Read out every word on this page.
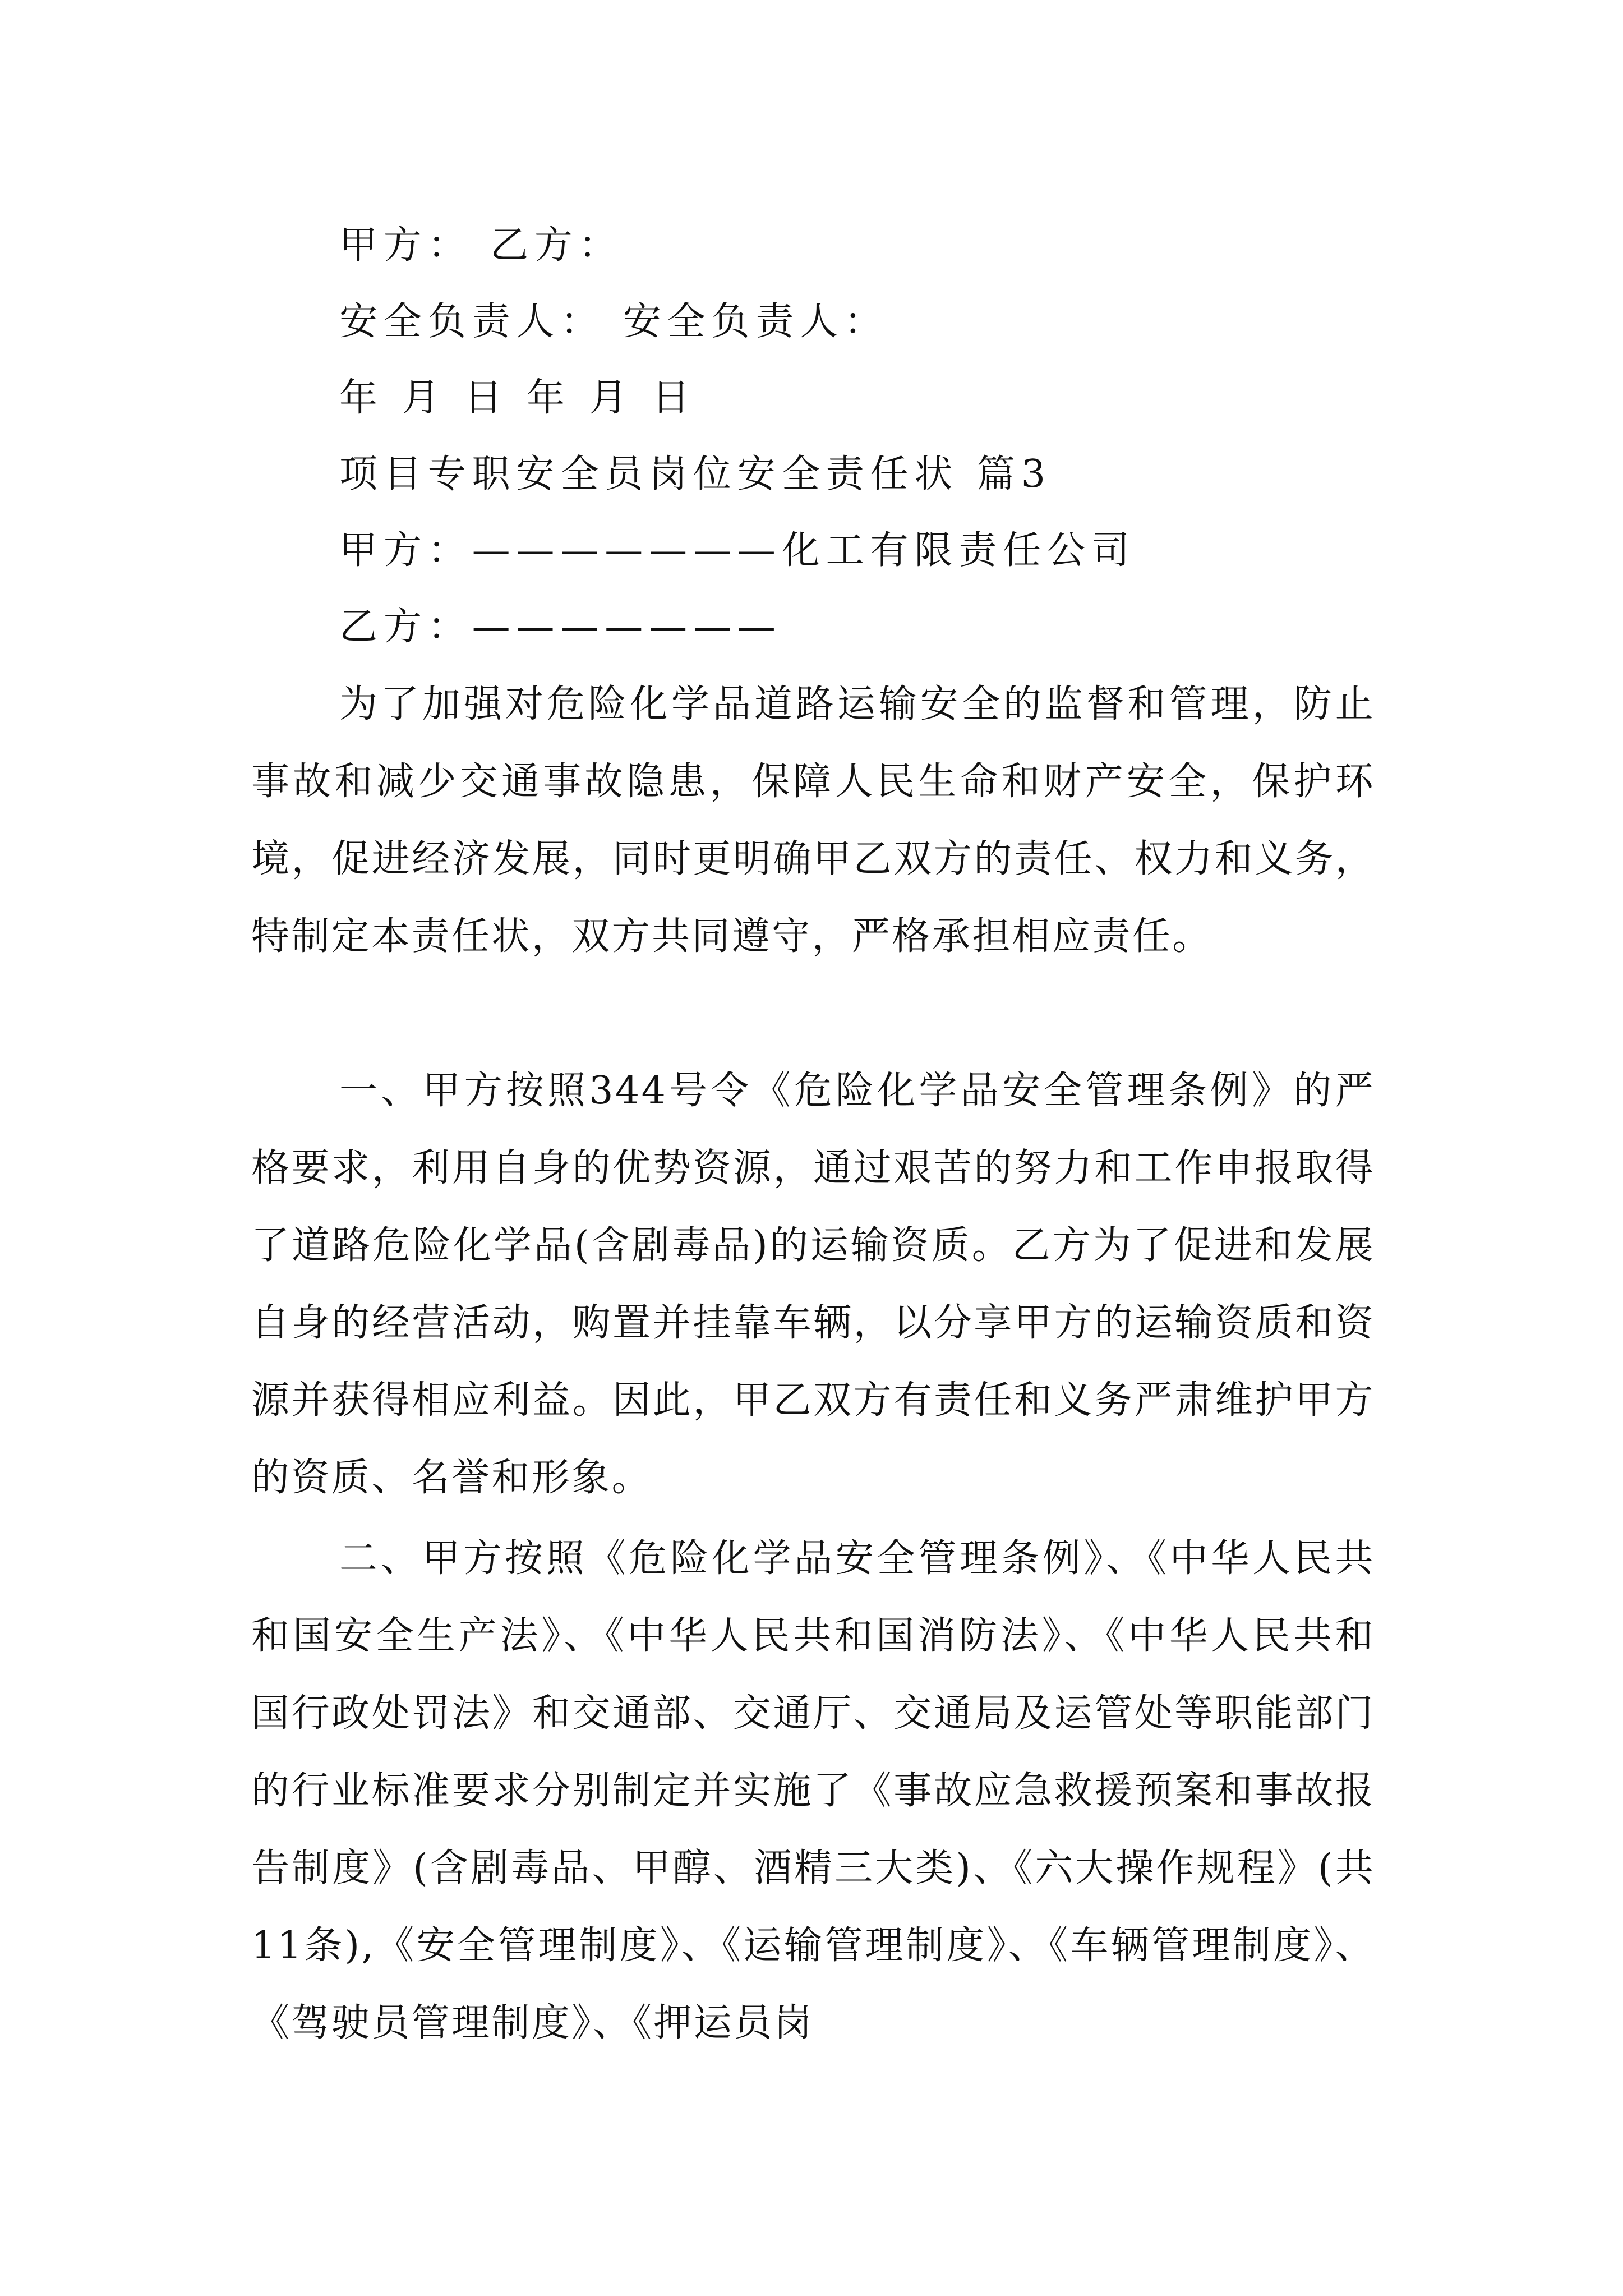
甲方： 乙方：
安全负责人： 安全负责人：
年 月 日 年 月 日
项目专职安全员岗位安全责任状 篇3
甲方：———————化工有限责任公司
乙方：———————
为了加强对危险化学品道路运输安全的监督和管理，防止事故和减少交通事故隐患，保障人民生命和财产安全，保护环境，促进经济发展，同时更明确甲乙双方的责任、权力和义务，特制定本责任状，双方共同遵守，严格承担相应责任。
一、甲方按照344号令《危险化学品安全管理条例》的严格要求，利用自身的优势资源，通过艰苦的努力和工作申报取得了道路危险化学品(含剧毒品)的运输资质。乙方为了促进和发展自身的经营活动，购置并挂靠车辆，以分享甲方的运输资质和资源并获得相应利益。因此，甲乙双方有责任和义务严肃维护甲方的资质、名誉和形象。
二、甲方按照《危险化学品安全管理条例》、《中华人民共和国安全生产法》、《中华人民共和国消防法》、《中华人民共和国行政处罚法》和交通部、交通厅、交通局及运管处等职能部门的行业标准要求分别制定并实施了《事故应急救援预案和事故报告制度》(含剧毒品、甲醇、酒精三大类)、《六大操作规程》(共11条),《安全管理制度》、《运输管理制度》、《车辆管理制度》、《驾驶员管理制度》、《押运员岗
